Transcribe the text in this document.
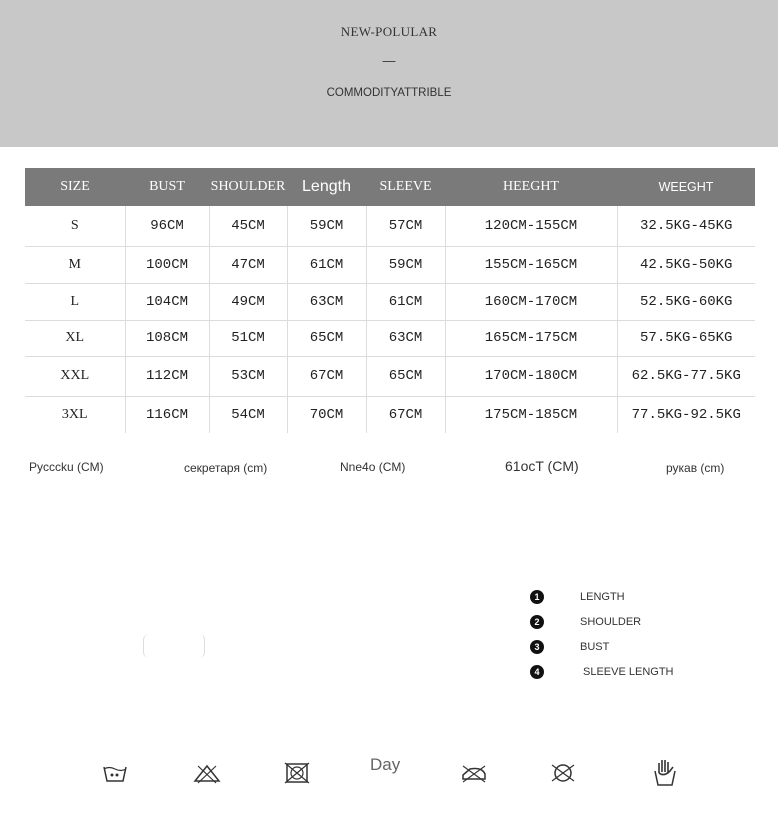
NEW-POLULAR
—
COMMODITYATTRIBLE
SIZE	BUST	SHOULDER	Length	SLEEVE	HEEGHT	WEEGHT
S	96CM	45CM	59CM	57CM	120CM-155CM	32.5KG-45KG
M	100CM	47CM	61CM	59CM	155CM-165CM	42.5KG-50KG
L	104CM	49CM	63CM	61CM	160CM-170CM	52.5KG-60KG
XL	108CM	51CM	65CM	63CM	165CM-175CM	57.5KG-65KG
XXL	112CM	53CM	67CM	65CM	170CM-180CM	62.5KG-77.5KG
3XL	116CM	54CM	70CM	67CM	175CM-185CM	77.5KG-92.5KG
Pycccku (CM)	секретаря (cm)	Nne4o (CM)	61ocT (CM)	рукав (cm)
1	LENGTH
2	SHOULDER
3	BUST
4	SLEEVE LENGTH
Day
